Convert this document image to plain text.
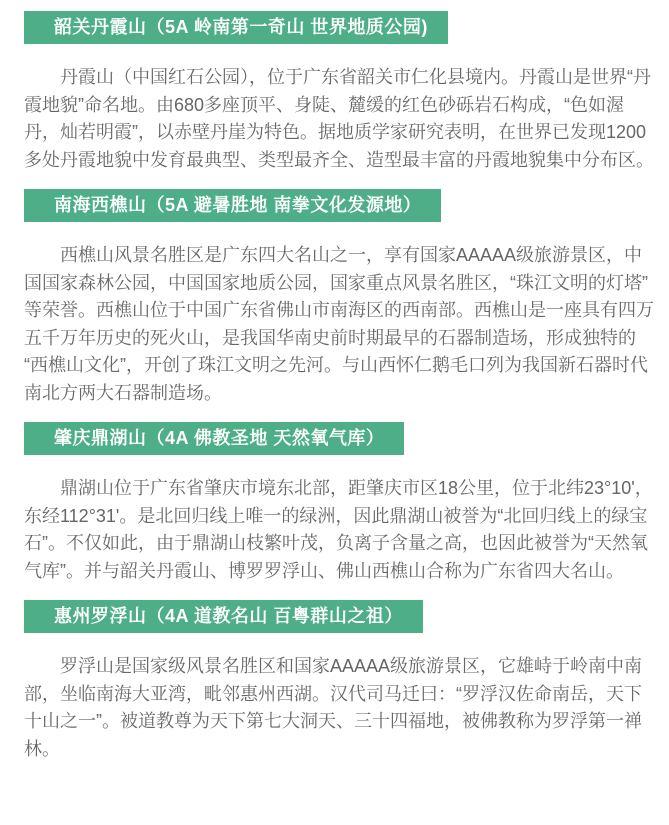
韶关丹霞山（5A 岭南第一奇山 世界地质公园)

丹霞山（中国红石公园），位于广东省韶关市仁化县境内。丹霞山是世界“丹霞地貌”命名地。由680多座顶平、身陡、麓缓的红色砂砾岩石构成，“色如渥丹，灿若明霞”，以赤壁丹崖为特色。据地质学家研究表明，在世界已发现1200多处丹霞地貌中发育最典型、类型最齐全、造型最丰富的丹霞地貌集中分布区。

南海西樵山（5A 避暑胜地 南拳文化发源地）

西樵山风景名胜区是广东四大名山之一，享有国家AAAAA级旅游景区，中国国家森林公园，中国国家地质公园，国家重点风景名胜区，“珠江文明的灯塔”等荣誉。西樵山位于中国广东省佛山市南海区的西南部。西樵山是一座具有四万五千万年历史的死火山，是我国华南史前时期最早的石器制造场，形成独特的“西樵山文化”，开创了珠江文明之先河。与山西怀仁鹅毛口列为我国新石器时代南北方两大石器制造场。

肇庆鼎湖山（4A 佛教圣地 天然氧气库）

鼎湖山位于广东省肇庆市境东北部，距肇庆市区18公里，位于北纬23°10'，东经112°31'。是北回归线上唯一的绿洲，因此鼎湖山被誉为“北回归线上的绿宝石”。不仅如此，由于鼎湖山枝繁叶茂，负离子含量之高，也因此被誉为“天然氧气库”。并与韶关丹霞山、博罗罗浮山、佛山西樵山合称为广东省四大名山。

惠州罗浮山（4A 道教名山 百粤群山之祖）

罗浮山是国家级风景名胜区和国家AAAAA级旅游景区，它雄峙于岭南中南部，坐临南海大亚湾，毗邻惠州西湖。汉代司马迁曰：“罗浮汉佐命南岳，天下十山之一”。被道教尊为天下第七大洞天、三十四福地，被佛教称为罗浮第一禅林。
